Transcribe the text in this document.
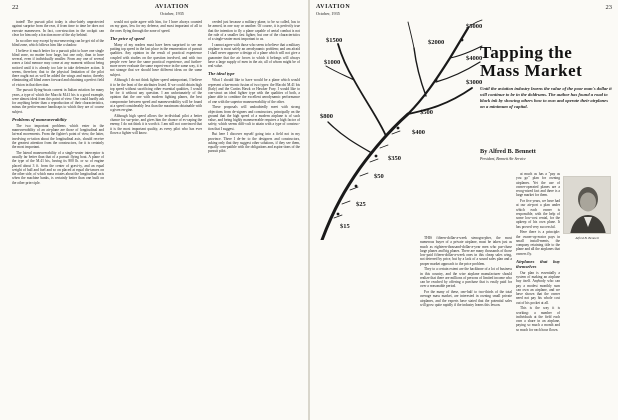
22	AVIATION
October, 1935

trated! The pursuit pilot today is abso-lutely unprotected against surprise from the rear, if from time to time he does not execute maneuvers. In fact, con-struction in the cockpit can clear for him only a fraction more of the sky behind.

In no other way except by ma-neuvering can he get rid of the blind zone, which follows him like a shadow.

I believe it much better for a pursuit pilot to have one single blind zone, no matter how large, but one only, than to have several, even if individually smaller. From any one of several zones a fatal menace may come at any moment without being noticed until it is already too late to take defensive action. It seems, therefore, that to the physical limitation of the pilot there ought not as well be added the wings and motor, thereby eliminating all blind zones forward and obtaining a perfect field of vision in that direction.

The pursuit flying-boats current in Italian aviation for many years, a type of which the Macchi M.41 bis is a good example, were almost ideal from this point of view. One could hardly ask for anything better than a reproduction of their characteristics, minus the perfor-mance handicaps to which they are of course subject.

Problems of maneuverability

The two important problems which enter in the maneuverability of an air-plane are those of longitudinal and lat-eral movements. From the fighter's point of view, the latter, involving ro-tation about the longitudinal axis, should receive the greatest attention from the constructors, for it is certainly the most important.

The lateral maneuverability of a single-seater interceptor is usually far better than that of a pursuit flying boat. A plane of the type of the M.41 bis, having its 800 lb. or so of engine placed about 3 ft. from the center of gravi-ty, and an equal weight of hull and fuel and so on placed at equal dis-tances on the other side, of which mass rotates about the longitudinal axis when the machine banks, is certainly better than one built on the other prin-ciple.

would not quite agree with him, for I have always counted on my guns, less for my defense, and most important of all to the ones flying through the zone of speed.

The price of speed

Many of my readers must have been surprised to see me putting top speed in the last place in the enumeration of pursuit qualities. Any opinion in the result of practical experience coupled with studies on the question involved, and with two people ever have the same practical experience, and further-more never evaluate the same experi-ence in the same way, it is not strange that we should have different ideas on the same subject.

Although I do not think fighter speed unimportant, I believe it to be the least of the attributes listed. If we could obtain high top speed without sacrificing other essential qualities, I would be for it without any question. I am unfortunately of the opinion that the one with modern fighting planes, the best compromise between speed and maneuverability will be found at a speed considerably less than the maximum obtainable with a given en-gine.

Although high speed allows the in-dividual pilot a better chance for sur-prise, and gives him the chance of es-caping the enemy, I do not think it is worth it. I am still not convinced that it is the most important quality, as every pilot who has ever flown a fighter will know.

ceeded just because a military plane, to be so called, has to be armed, in one way or another. Of course, it is perfectly true that the intention to fly a plane capable of aerial combat is not the rule of a smaller fast fighter, but one of the characteristics of a single-seater most important to us.

I cannot agree with those who seem to believe that a military airplane is most safely an aerodynamic problem; and am afraid I shall never approve a design of a plane which will not give a guarantee that the air forces to which it belongs will always have a large supply of men in the air, all of whom might be of real value.

The ideal type

What I should like to have would be a plane which would represent a har-monic fusion of two types: the Macchi M.41 bis (Italy) and the Curtiss Hawk or Hawker Fury. I would like to con-struct an ideal fighter type with the qualities of both, a plane able to combine the excellent aerodynamic performance of one with the superior maneuverability of the other.

These proposals will undoubtedly meet with strong objections from de-signers and constructors, principally on the ground that the high speed of a modern airplane is of such value, and being highly maneuverable requires a high factor of safety, which seems diffi-cult to attain with a type of construc-tion that I suggest.

But here I discover myself going into a field not in my province. There I de-fer to the designers and constructors, asking only that they suggest other solutions, if they see them, equally com-patible with the obligations and aspira-tions of the pursuit pilot.

AVIATION
October, 1935
23
$5000
$4000
$3000
$2000
$1500
$1000
$800
$500
$400
$350
$50
$25
$15
Tapping the
Mass Market
Until the aviation industry learns the value of the poor man's dollar it will continue to be in the doldrums. The author has found a road to black ink by showing others how to own and operate their airplanes on a minimum of capital.
By Alfred B. Bennett
President, Bennett Air Service

THIS fifteen-dollar-a-week stenogra-pher, the most numerous buyer of a private airplane, must be taken just as much as eighteen-thousand-dollar-a-year men who pur-chase large planes and big planes. There are many thousands of those low-paid fifteen-dollar-a-week ones in this cheap sales wing, not deterred by price, but by a lack of a sound sales plan and a proper market approach to the price problem.

They to a certain extent are the backbone of a lot of business in this country, and the wise airplane manufacturer should realize that there are millions of persons of limited income who can be reached by offering a purchase that is easily paid for over a reasonable period.

For the many of these, one-half to two-thirds of the total average mass market, are interested in owning small private airplanes, and the experts have stated that the potential sales will grow quite rapidly if the industry learns this lesson.

at much as has a "pay as you go" plan for owning airplanes. Yet the use of owner-operated planes are a recog-nized fact and there is a large market for them.

For five years, we have had at our air-port a plan under which each owner is responsible, with the help of some low-cost rental, for the upkeep of his own plane. It has proved very successful.

Here there is a principle: the owner-op-erator pays in small install-ments, the company retaining title to the plane and all the airplanes that owners fly.

Airplanes that buy themselves

Our plan is essentially a system of making an airplane buy itself. Anybody who can pay a modest monthly sum can own an airplane, and we have shown that the owner need not pay his whole cost out of his pocket at all.

This is the way it is working: a number of individuals at the field each own a share in an airplane, paying so much a month and so much for each hour flown.

Alfred B. Bennett
